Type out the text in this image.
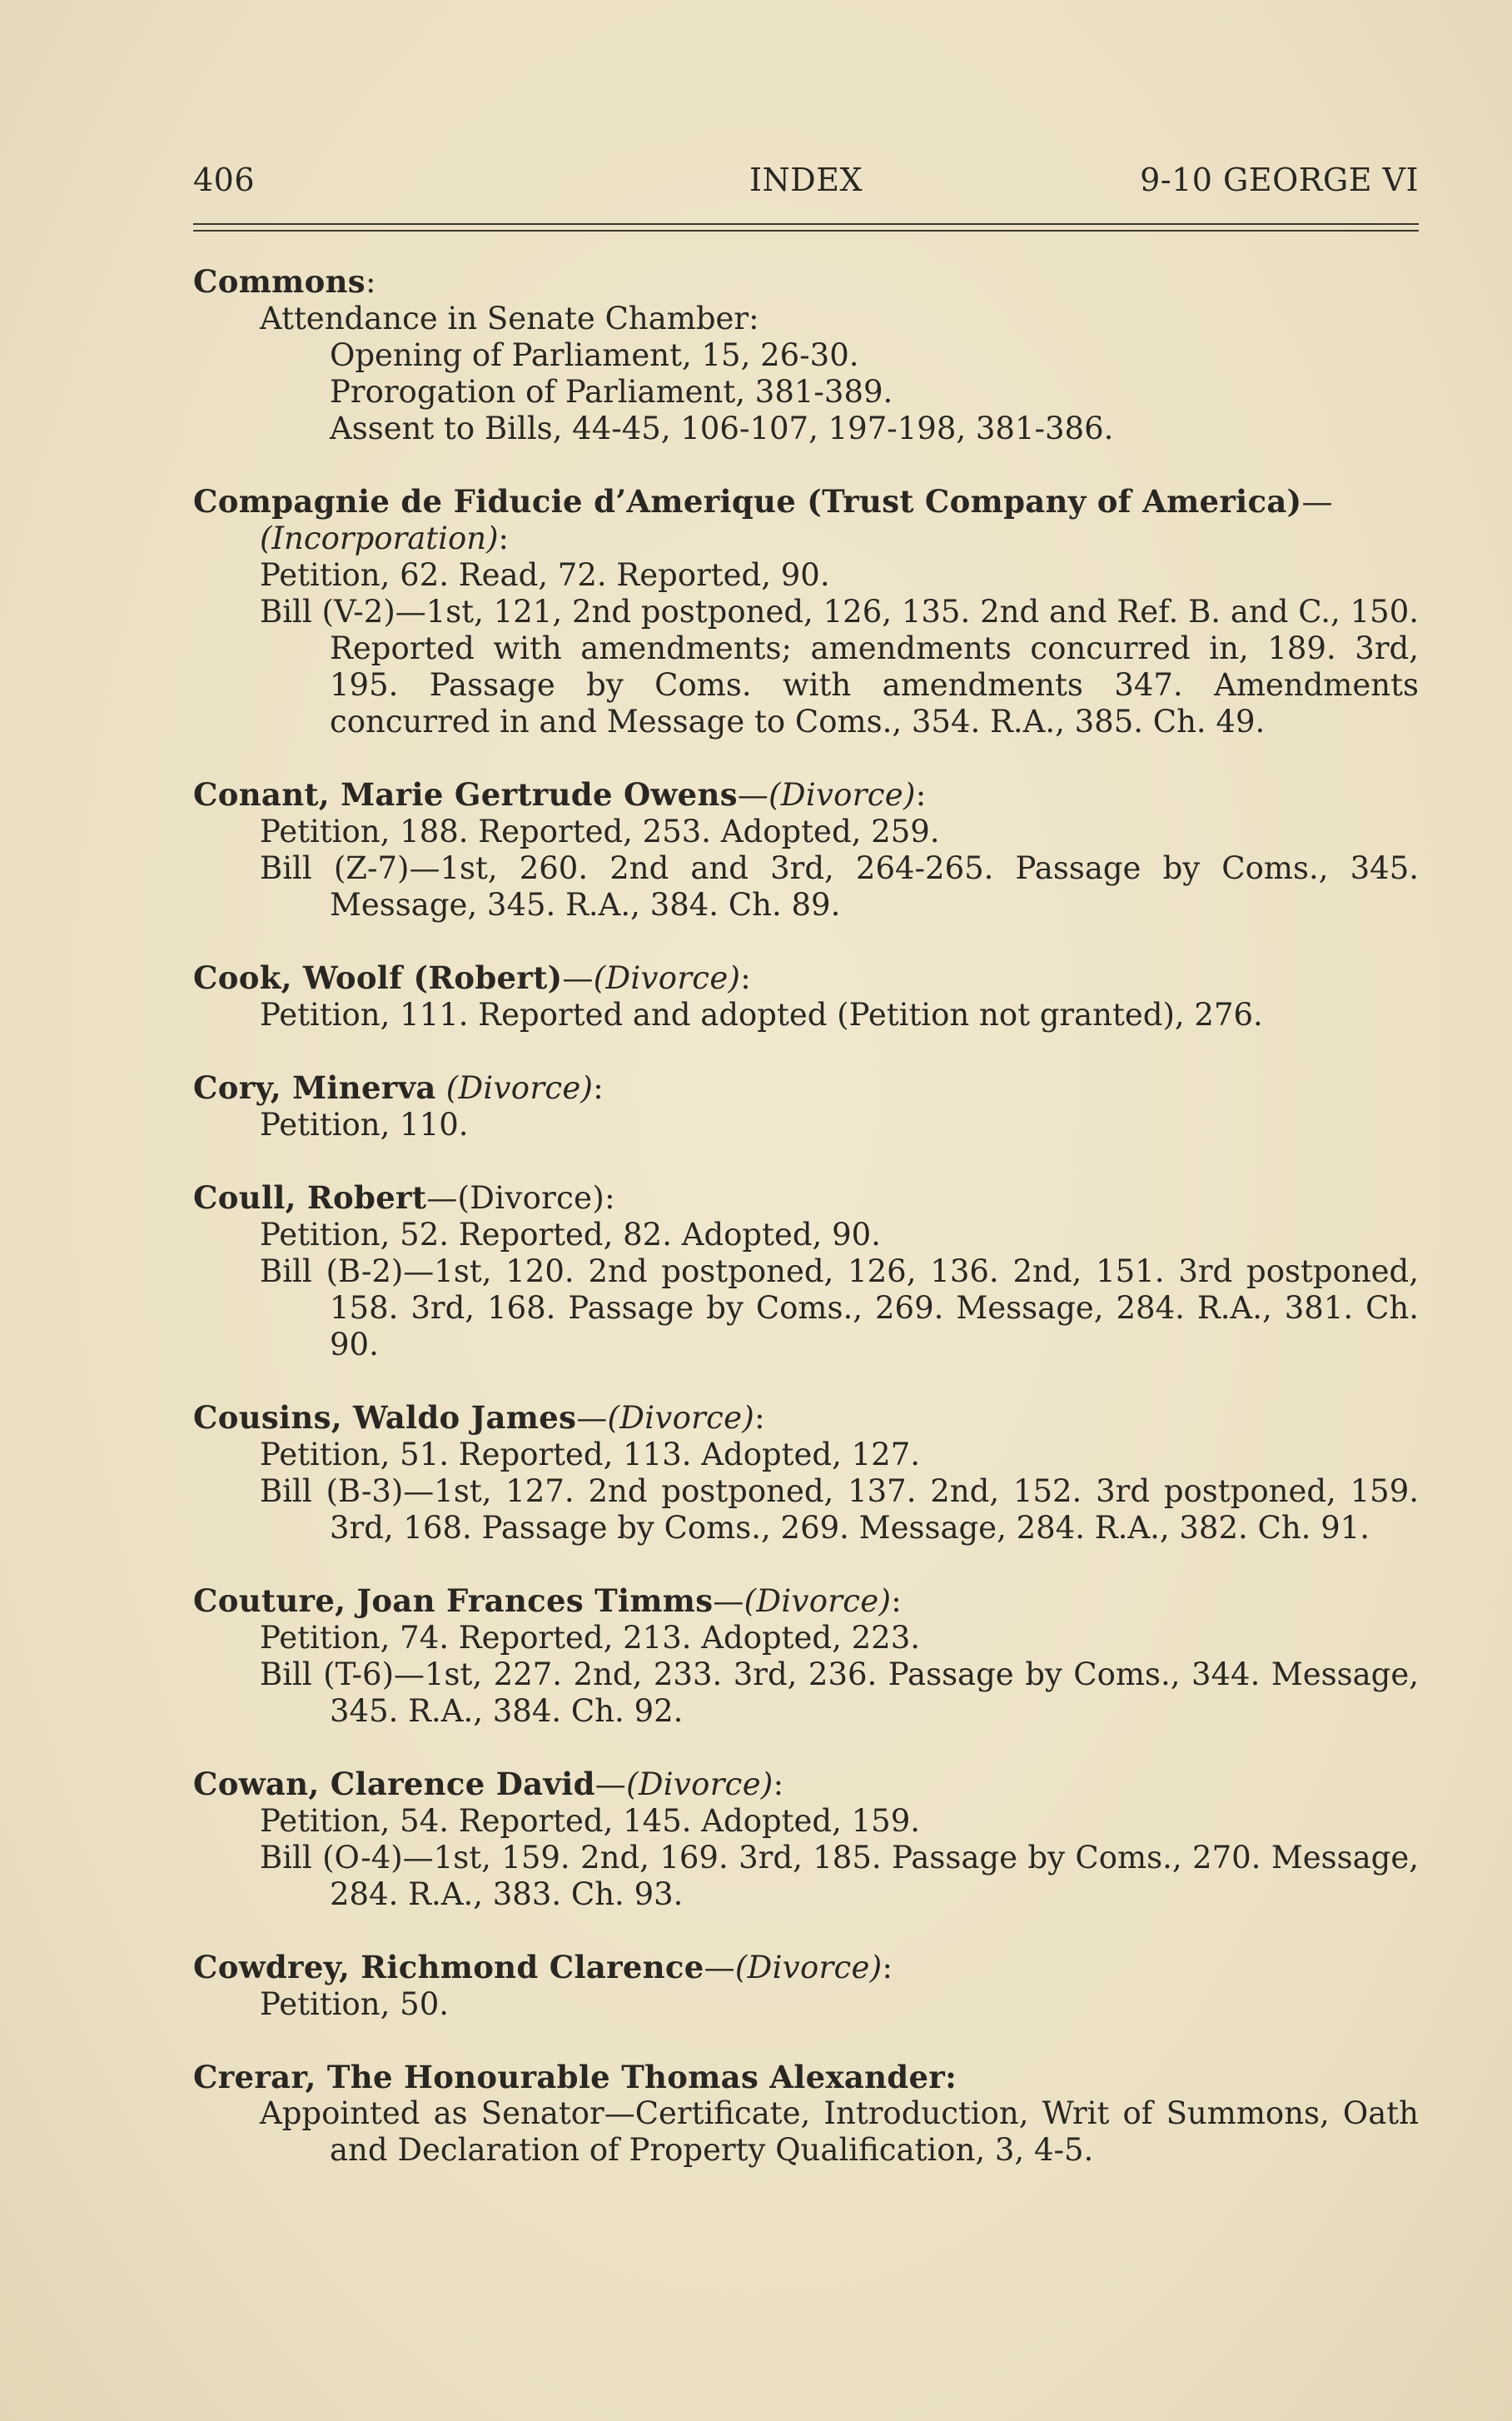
406	INDEX	9-10 GEORGE VI
Commons:
Attendance in Senate Chamber:
Opening of Parliament, 15, 26-30.
Prorogation of Parliament, 381-389.
Assent to Bills, 44-45, 106-107, 197-198, 381-386.
Compagnie de Fiducie d’Amerique (Trust Company of America)—
(Incorporation):
Petition, 62. Read, 72. Reported, 90.
Bill (V-2)—1st, 121, 2nd postponed, 126, 135. 2nd and Ref. B. and C., 150. Reported with amendments; amendments concurred in, 189. 3rd, 195. Passage by Coms. with amendments 347. Amendments concurred in and Message to Coms., 354. R.A., 385. Ch. 49.
Conant, Marie Gertrude Owens—(Divorce):
Petition, 188. Reported, 253. Adopted, 259.
Bill (Z-7)—1st, 260. 2nd and 3rd, 264-265. Passage by Coms., 345. Message, 345. R.A., 384. Ch. 89.
Cook, Woolf (Robert)—(Divorce):
Petition, 111. Reported and adopted (Petition not granted), 276.
Cory, Minerva (Divorce):
Petition, 110.
Coull, Robert—(Divorce):
Petition, 52. Reported, 82. Adopted, 90.
Bill (B-2)—1st, 120. 2nd postponed, 126, 136. 2nd, 151. 3rd postponed, 158. 3rd, 168. Passage by Coms., 269. Message, 284. R.A., 381. Ch. 90.
Cousins, Waldo James—(Divorce):
Petition, 51. Reported, 113. Adopted, 127.
Bill (B-3)—1st, 127. 2nd postponed, 137. 2nd, 152. 3rd postponed, 159. 3rd, 168. Passage by Coms., 269. Message, 284. R.A., 382. Ch. 91.
Couture, Joan Frances Timms—(Divorce):
Petition, 74. Reported, 213. Adopted, 223.
Bill (T-6)—1st, 227. 2nd, 233. 3rd, 236. Passage by Coms., 344. Message, 345. R.A., 384. Ch. 92.
Cowan, Clarence David—(Divorce):
Petition, 54. Reported, 145. Adopted, 159.
Bill (O-4)—1st, 159. 2nd, 169. 3rd, 185. Passage by Coms., 270. Message, 284. R.A., 383. Ch. 93.
Cowdrey, Richmond Clarence—(Divorce):
Petition, 50.
Crerar, The Honourable Thomas Alexander:
Appointed as Senator—Certificate, Introduction, Writ of Summons, Oath and Declaration of Property Qualification, 3, 4-5.
